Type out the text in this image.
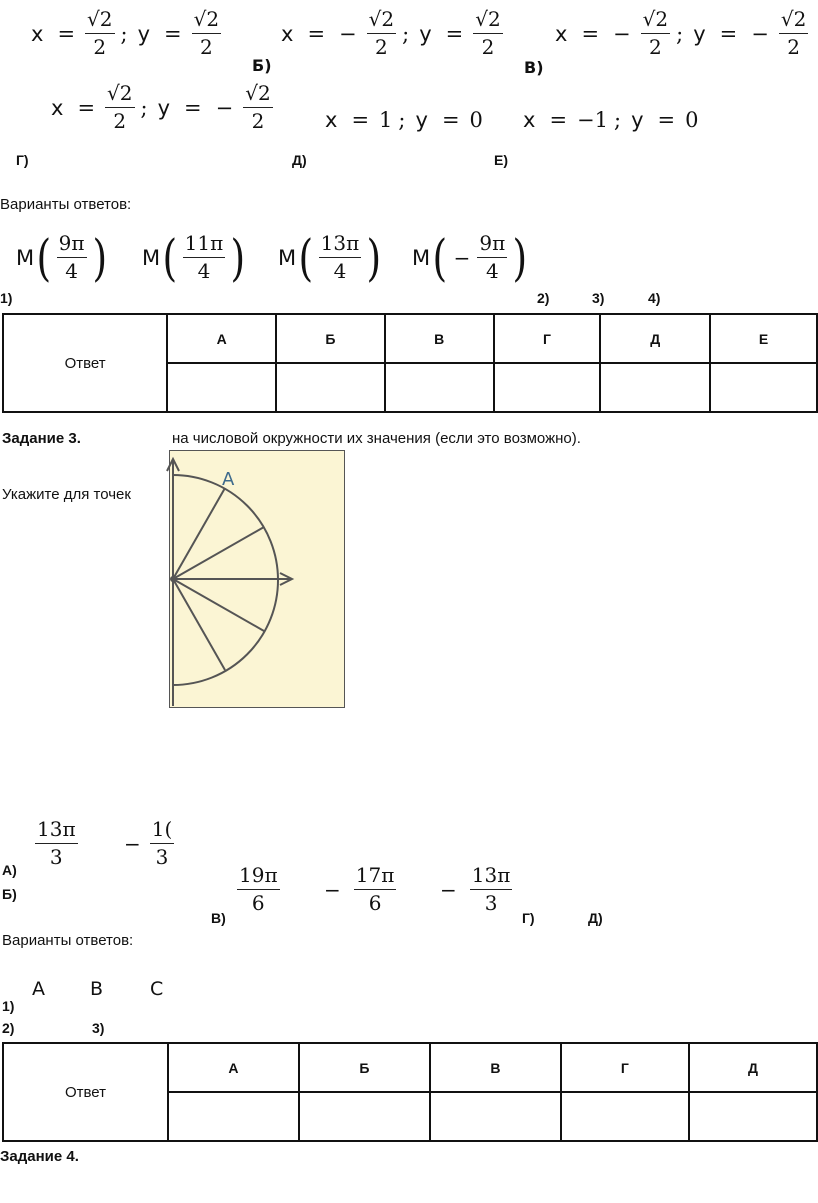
$x = \frac{√2}{2}$ ; $y = \frac{√2}{2}$
Б)
x = − $\frac{√2}{2}$ ; $y = \frac{√2}{2}$
В)
x = − $\frac{√2}{2}$ ; y = − $\frac{√2}{2}$
$x = \frac{√2}{2}$ ; y = − $\frac{√2}{2}$ x = 1 ; y = 0 x = −1 ; y = 0
Г)	Д)	Е)
Варианты ответов:
M ( $\frac{9\pi}{4}$ ) M ( $\frac{11\pi}{4}$ ) M ( $\frac{13\pi}{4}$ ) M ( − $\frac{9\pi}{4}$ )
1)	2)	3)	4)
Ответ	А	Б	В	Г	Д	Е

Задание 3.	на числовой окружности их значения (если это возможно).
Укажите для точек
A
$\frac{13\pi}{3} - \frac{1(}{3}$
А)
Б)	$\frac{19\pi}{6} - \frac{17\pi}{6} - \frac{13\pi}{3}$
В)	Г)	Д)
Варианты ответов:
A B C
1)
2)	3)
Ответ	А	Б	В	Г	Д

Задание 4.
